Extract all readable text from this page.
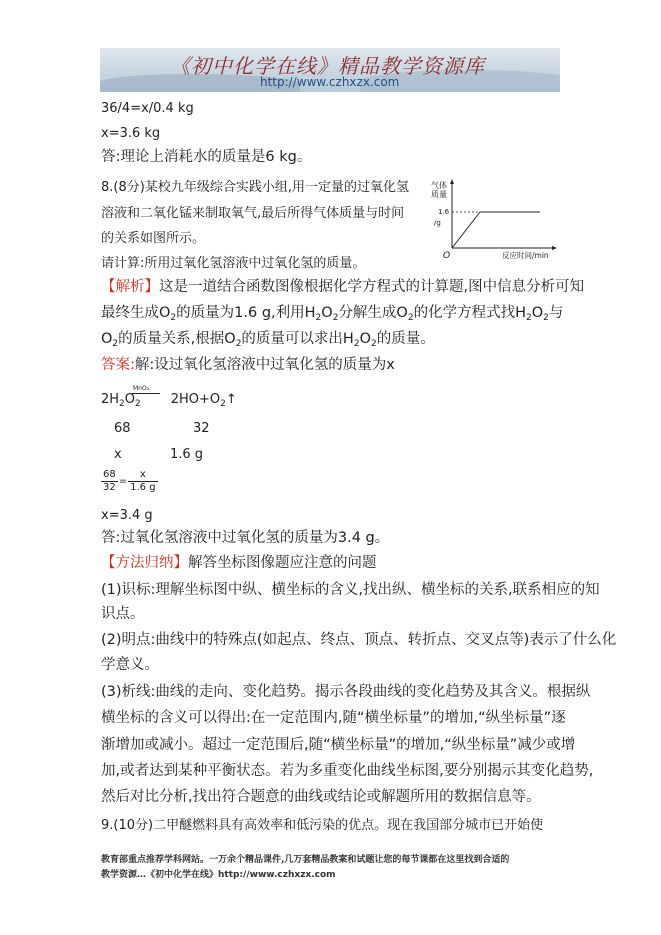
《初中化学在线》精品教学资源库
http://www.czhxzx.com
36/4=x/0.4 kg
x=3.6 kg
答:理论上消耗水的质量是6 kg。
8.(8分)某校九年级综合实践小组,用一定量的过氧化氢
溶液和二氧化锰来制取氧气,最后所得气体质量与时间
的关系如图所示。
请计算:所用过氧化氢溶液中过氧化氢的质量。
气体
质量
/g
1.6
O	反应时间/min
【解析】这是一道结合函数图像根据化学方程式的计算题,图中信息分析可知
最终生成$O_2$的质量为1.6 g,利用$H_2O_2$分解生成$O_2$的化学方程式找$H_2O_2$与
$O_2$的质量关系,根据$O_2$的质量可以求出$H_2O_2$的质量。
答案:解:设过氧化氢溶液中过氧化氢的质量为x
MnO₂
$2H_2O_2$ $2HO+O_2↑$
68	32
x	1.6 g
$\frac{68}{32} = \frac{x}{1.6 g}$
x=3.4 g
答:过氧化氢溶液中过氧化氢的质量为3.4 g。
【方法归纳】解答坐标图像题应注意的问题
(1)识标:理解坐标图中纵、横坐标的含义,找出纵、横坐标的关系,联系相应的知
识点。
(2)明点:曲线中的特殊点(如起点、终点、顶点、转折点、交叉点等)表示了什么化
学意义。
(3)析线:曲线的走向、变化趋势。揭示各段曲线的变化趋势及其含义。根据纵
横坐标的含义可以得出:在一定范围内,随“横坐标量”的增加,“纵坐标量”逐
渐增加或减小。超过一定范围后,随“横坐标量”的增加,“纵坐标量”减少或增
加,或者达到某种平衡状态。若为多重变化曲线坐标图,要分别揭示其变化趋势,
然后对比分析,找出符合题意的曲线或结论或解题所用的数据信息等。
9.(10分)二甲醚燃料具有高效率和低污染的优点。现在我国部分城市已开始使
教育部重点推荐学科网站。一万余个精品课件,几万套精品教案和试题让您的每节课都在这里找到合适的
教学资源…《初中化学在线》http://www.czhxzx.com
